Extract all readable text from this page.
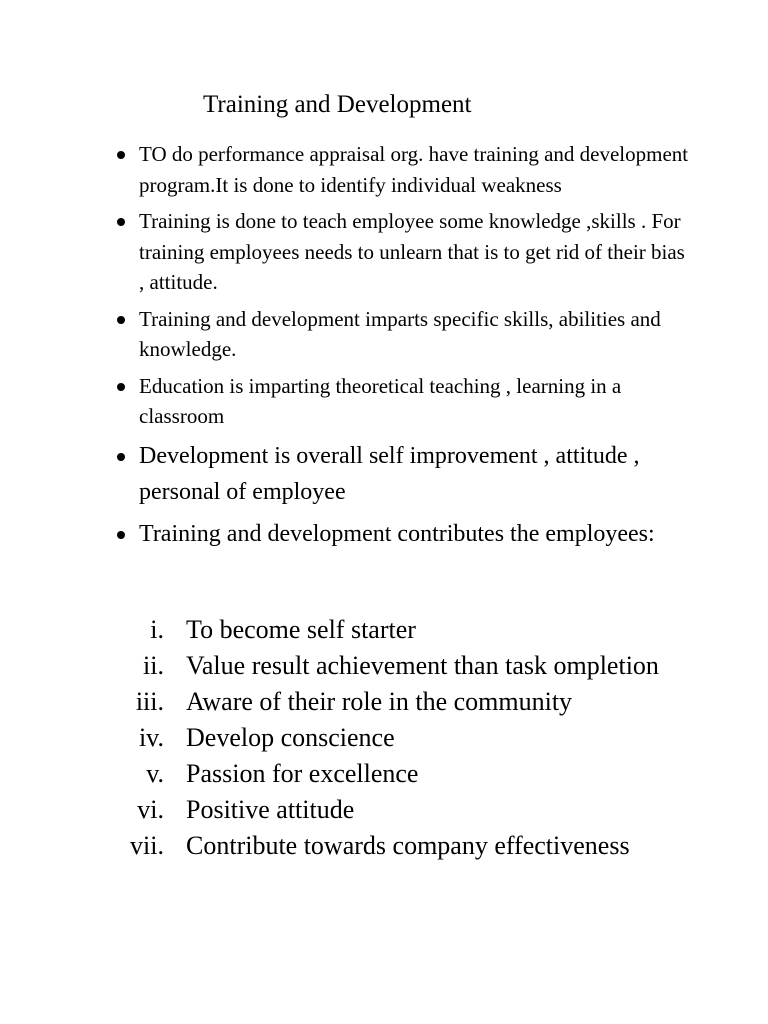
Training and Development
TO do performance appraisal org. have training and development program.It is done to identify individual weakness
Training is done to teach employee some knowledge ,skills . For training employees needs to unlearn that is to get rid of their bias , attitude.
Training and development imparts specific skills, abilities and knowledge.
Education is imparting theoretical teaching , learning in a classroom
Development is overall self improvement , attitude , personal of employee
Training and development contributes the employees:
i. To become self starter
ii. Value result achievement than task ompletion
iii. Aware of their role in the community
iv. Develop conscience
v. Passion for excellence
vi. Positive attitude
vii. Contribute towards company effectiveness
